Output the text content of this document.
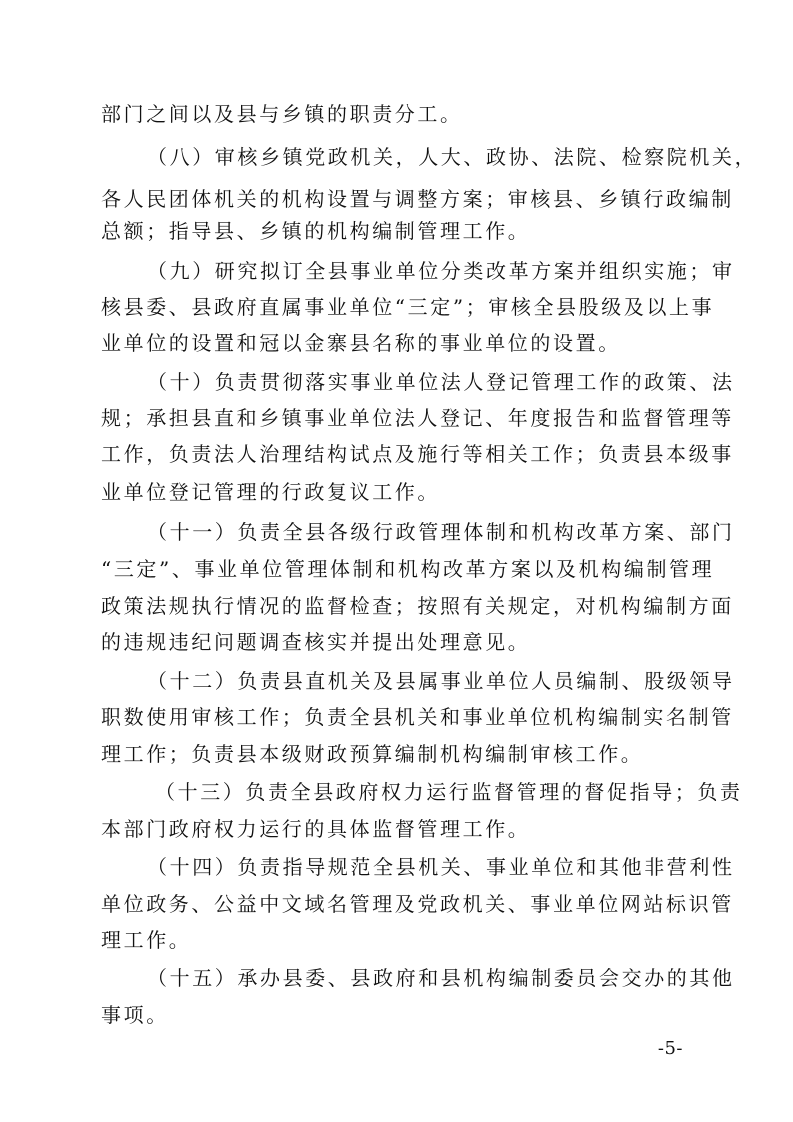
部门之间以及县与乡镇的职责分工。
（八）审核乡镇党政机关，人大、政协、法院、检察院机关，
各人民团体机关的机构设置与调整方案；审核县、乡镇行政编制
总额；指导县、乡镇的机构编制管理工作。
（九）研究拟订全县事业单位分类改革方案并组织实施；审
核县委、县政府直属事业单位“三定”；审核全县股级及以上事
业单位的设置和冠以金寨县名称的事业单位的设置。
（十）负责贯彻落实事业单位法人登记管理工作的政策、法
规；承担县直和乡镇事业单位法人登记、年度报告和监督管理等
工作，负责法人治理结构试点及施行等相关工作；负责县本级事
业单位登记管理的行政复议工作。
（十一）负责全县各级行政管理体制和机构改革方案、部门
“三定”、事业单位管理体制和机构改革方案以及机构编制管理
政策法规执行情况的监督检查；按照有关规定，对机构编制方面
的违规违纪问题调查核实并提出处理意见。
（十二）负责县直机关及县属事业单位人员编制、股级领导
职数使用审核工作；负责全县机关和事业单位机构编制实名制管
理工作；负责县本级财政预算编制机构编制审核工作。
（十三）负责全县政府权力运行监督管理的督促指导；负责
本部门政府权力运行的具体监督管理工作。
（十四）负责指导规范全县机关、事业单位和其他非营利性
单位政务、公益中文域名管理及党政机关、事业单位网站标识管
理工作。
（十五）承办县委、县政府和县机构编制委员会交办的其他
事项。
-5-
